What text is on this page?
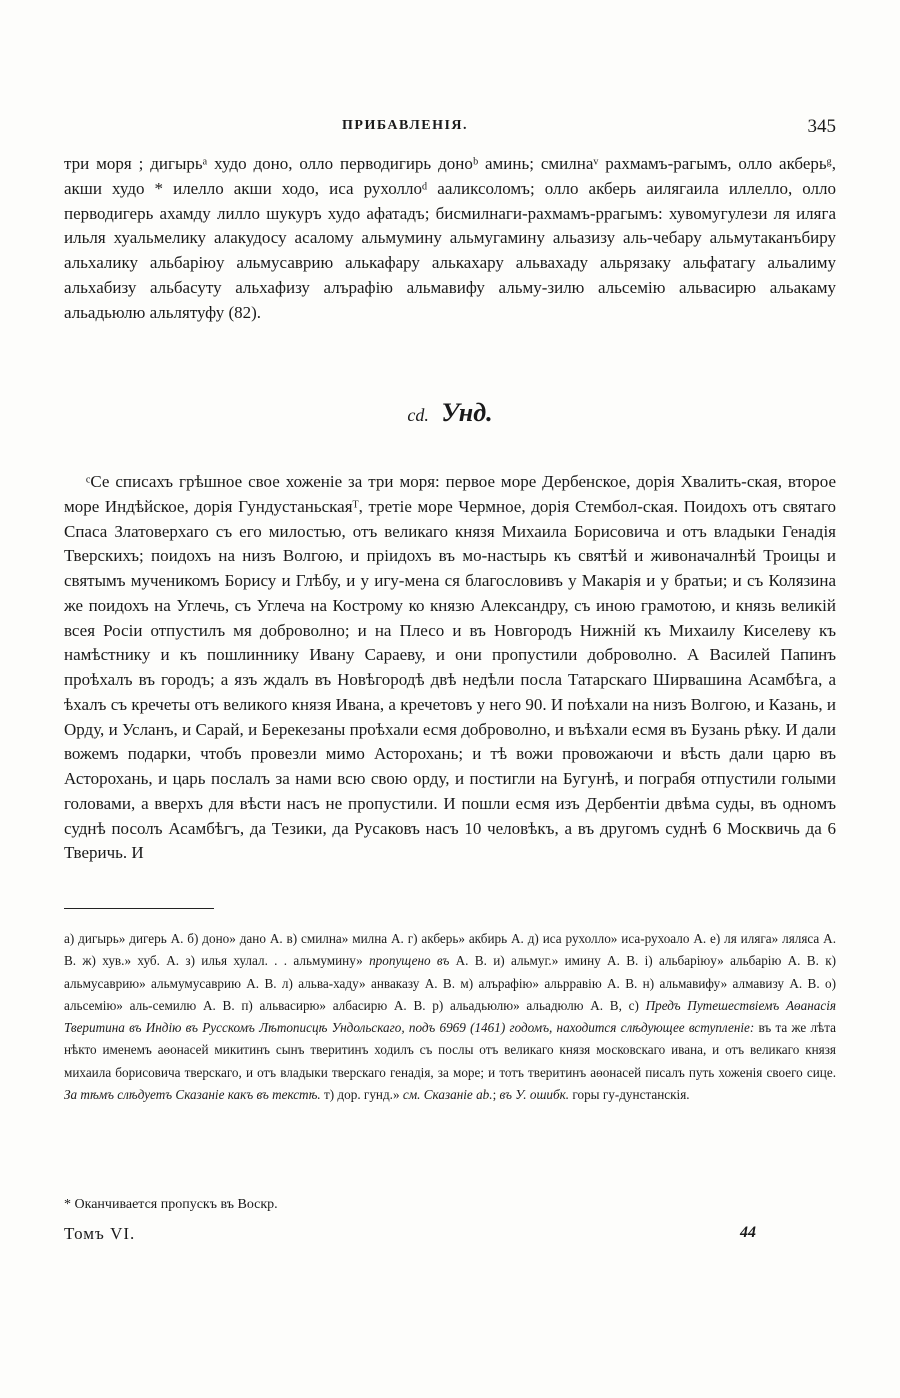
ПРИБАВЛЕНІЯ.	345

три моря ; дигырьᵃ худо доно, олло перводигирь доноᵇ аминь; смилнаᵛ рахмамъ-рагымъ, олло акберьᵍ, акши худо * илелло акши ходо, иса рухоллоᵈ ааликсоломъ; олло акберь аилягаила иллелло, олло перводигерь ахамду лилло шукуръ худо афатадъ; бисмилнаги-рахмамъ-ррагымъ: хувомугулези ля иляга ильля хуальмелику алакудосу асалому альмумину альмугамину альазизу аль-чебару альмутаканъбиру альхалику альбаріюу альмусаврию алькафару алькахару альвахаду альрязаку альфатагу альалиму альхабизу альбасуту альхафизу алърафію альмавифу альму-зилю альсемію альвасирю альакаму альадьюлю альлятуфу (82).

cd. Унд.

ᶜСе списахъ грѣшное свое хоженіе за три моря: первое море Дербенское, дорія Хвалить-ская, второе море Индѣйское, дорія Гундустаньскаяᵀ, третіе море Чермное, дорія Стембол-ская. Поидохъ отъ святаго Спаса Златоверхаго съ его милостью, отъ великаго князя Михаила Борисовича и отъ владыки Генадія Тверскихъ; поидохъ на низъ Волгою, и пріидохъ въ мо-настырь къ святѣй и живоначалнѣй Троицы и святымъ мученикомъ Борису и Глѣбу, и у игу-мена ся благословивъ у Макарія и у братьи; и съ Колязина же поидохъ на Углечь, съ Углеча на Кострому ко князю Александру, съ иною грамотою, и князь великій всея Росіи отпустилъ мя доброволно; и на Плесо и въ Новгородъ Нижній къ Михаилу Киселеву къ намѣстнику и къ пошлиннику Ивану Сараеву, и они пропустили доброволно. А Василей Папинъ проѣхалъ въ городъ; а язъ ждалъ въ Новѣгородѣ двѣ недѣли посла Татарскаго Ширвашина Асамбѣга, а ѣхалъ съ кречеты отъ великого князя Ивана, а кречетовъ у него 90. И поѣхали на низъ Волгою, и Казань, и Орду, и Усланъ, и Сарай, и Берекезаны проѣхали есмя доброволно, и въѣхали есмя въ Бузань рѣку. И дали вожемъ подарки, чтобъ провезли мимо Асторохань; и тѣ вожи провожаючи и вѣсть дали царю въ Асторохань, и царь послалъ за нами всю свою орду, и постигли на Бугунѣ, и пограбя отпустили голыми головами, а вверхъ для вѣсти насъ не пропустили. И пошли есмя изъ Дербентіи двѣма суды, въ одномъ суднѣ посолъ Асамбѣгъ, да Тезики, да Русаковъ насъ 10 человѣкъ, а въ другомъ суднѣ 6 Москвичь да 6 Тверичь. И

а) дигырь» дигерь А. б) доно» дано А. в) смилна» милна А. г) акберь» акбирь А. д) иса рухолло» иса-рухоало А. е) ля иляга» ляляса А. В. ж) хув.» хуб. А. з) илья хулал. . . альмумину» пропущено въ А. В. и) альмуг.» имину А. В. і) альбаріюу» альбарію А. В. к) альмусаврию» альмумусаврию А. В. л) альва-хаду» анваказу А. В. м) алърафію» альрравію А. В. н) альмавифу» алмавизу А. В. о) альсемію» аль-семилю А. В. п) альвасирю» албасирю А. В. р) альадьюлю» альадюлю А. В, с) Предъ Путешествіемъ Аѳанасія Тверитина въ Индію въ Русскомъ Лѣтописцѣ Ундольскаго, подъ 6969 (1461) годомъ, находится слѣдующее вступленіе: въ та же лѣта нѣкто именемъ аѳонасей микитинъ сынъ тверитинъ ходилъ съ послы отъ великаго князя московскаго ивана, и отъ великаго князя михаила борисовича тверскаго, и отъ владыки тверскаго генадія, за море; и тотъ тверитинъ аѳонасей писалъ путь хоженія своего сице. За тѣмъ слѣдуетъ Сказаніе какъ въ текстѣ. т) дор. гунд.» см. Сказаніе аb.; въ У. ошибк. горы гу-дунстанскія.

* Оканчивается пропускъ въ Воскр.
Томъ VI.	44
